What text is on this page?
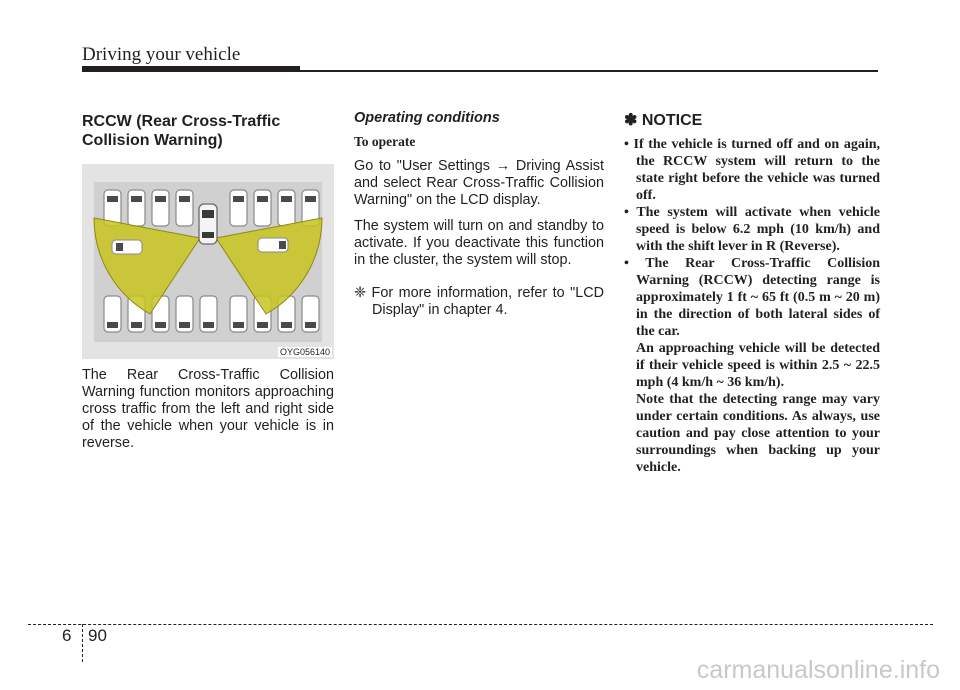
Driving your vehicle
RCCW (Rear Cross-Traffic Collision Warning)
OYG056140

The Rear Cross-Traffic Collision Warning function monitors approaching cross traffic from the left and right side of the vehicle when your vehicle is in reverse.

Operating conditions
To operate

Go to "User Settings → Driving Assist and select Rear Cross-Traffic Collision Warning" on the LCD display.

The system will turn on and standby to activate. If you deactivate this function in the cluster, the system will stop.

❈ For more information, refer to "LCD Display" in chapter 4.

✽ NOTICE
• If the vehicle is turned off and on again, the RCCW system will return to the state right before the vehicle was turned off.
• The system will activate when vehicle speed is below 6.2 mph (10 km/h) and with the shift lever in R (Reverse).
• The Rear Cross-Traffic Collision Warning (RCCW) detecting range is approximately 1 ft ~ 65 ft (0.5 m ~ 20 m) in the direction of both lateral sides of the car.
An approaching vehicle will be detected if their vehicle speed is within 2.5 ~ 22.5 mph (4 km/h ~ 36 km/h).
Note that the detecting range may vary under certain conditions. As always, use caution and pay close attention to your surroundings when backing up your vehicle.
6 90
carmanualsonline.info
